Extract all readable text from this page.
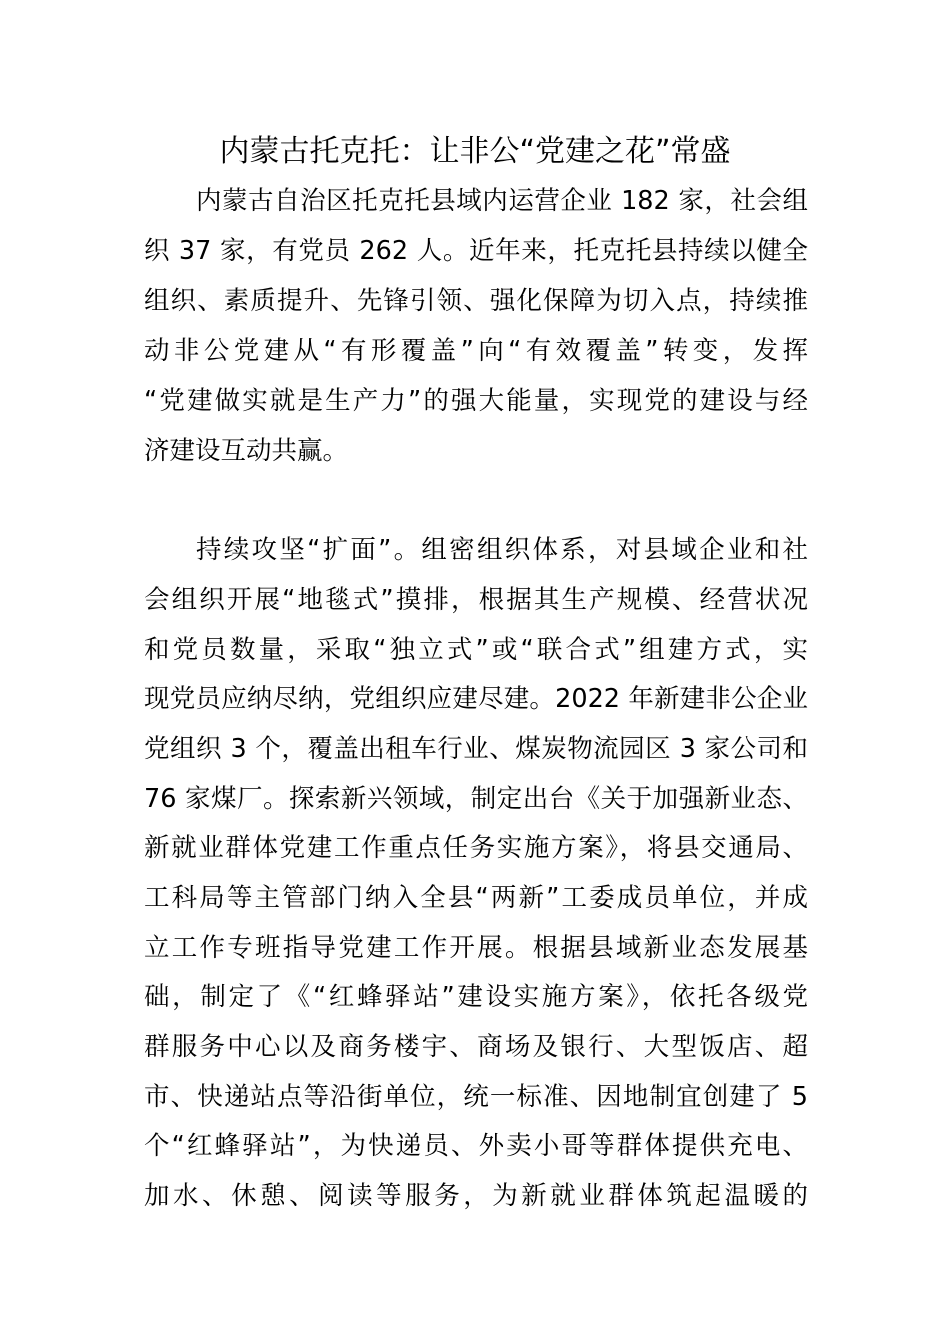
内蒙古托克托：让非公“党建之花”常盛

内蒙古自治区托克托县域内运营企业 182 家，社会组

织 37 家，有党员 262 人。近年来，托克托县持续以健全

组织、素质提升、先锋引领、强化保障为切入点，持续推

动非公党建从“有形覆盖”向“有效覆盖”转变，发挥

“党建做实就是生产力”的强大能量，实现党的建设与经

济建设互动共赢。

持续攻坚“扩面”。组密组织体系，对县域企业和社

会组织开展“地毯式”摸排，根据其生产规模、经营状况

和党员数量，采取“独立式”或“联合式”组建方式，实

现党员应纳尽纳，党组织应建尽建。2022 年新建非公企业

党组织 3 个，覆盖出租车行业、煤炭物流园区 3 家公司和

76 家煤厂。探索新兴领域，制定出台《关于加强新业态、

新就业群体党建工作重点任务实施方案》，将县交通局、

工科局等主管部门纳入全县“两新”工委成员单位，并成

立工作专班指导党建工作开展。根据县域新业态发展基

础，制定了《“红蜂驿站”建设实施方案》，依托各级党

群服务中心以及商务楼宇、商场及银行、大型饭店、超

市、快递站点等沿街单位，统一标准、因地制宜创建了 5

个“红蜂驿站”，为快递员、外卖小哥等群体提供充电、

加水、休憩、阅读等服务，为新就业群体筑起温暖的
